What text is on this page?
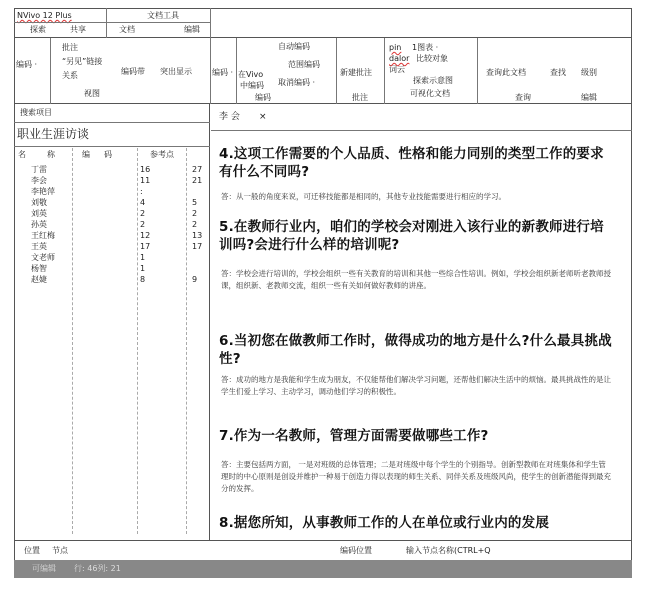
NVivo 12 Plus	文档工具
探索	共享	文档	编辑
编码 ·
批注
“另见”链接
关系
视图
编码带 突出显示	编码 · 在Vivo
中编码
自动编码
范围编码
取消编码 ·
编码
新建批注
批注
pin 1图表 ·
dalor 比较对象
词云
探索示意图
可视化文档
查询此文档
查询
查找 级别
编辑
搜索项目
职业生涯访谈
名	称	编 码	参考点
丁雷	16	27
李会	11	21
李艳萍	:
刘敬	4	5
刘英	2	2
孙英	2	2
王红梅	12	13
王英	17	17
文老师	1
杨智	1
赵婕	8	9
李 会 ×
4.这项工作需要的个人品质、性格和能力同别的类型工作的要求有什么不同吗?
答：从一般的角度来说，可迁移技能都是相同的，其他专业技能需要进行相应的学习。
5.在教师行业内，咱们的学校会对刚进入该行业的新教师进行培训吗?会进行什么样的培训呢?
答：学校会进行培训的，学校会组织一些有关教育的培训和其他一些综合性培训。例如，学校会组织新老师听老教师授课，组织新、老教师交流，组织一些有关如何做好教师的讲座。
6.当初您在做教师工作时，做得成功的地方是什么?什么最具挑战性?
答：成功的地方是我能和学生成为朋友，不仅能帮他们解决学习问题，还帮他们解决生活中的烦恼。最具挑战性的是让学生们爱上学习、主动学习，调动他们学习的积极性。
7.作为一名教师，管理方面需要做哪些工作?
答：主要包括两方面， 一是对班级的总体管理；二是对班级中每个学生的个别指导。创新型教师在对班集体和学生管理时的中心原则是创设并维护一种易于创造力得以表现的师生关系、同伴关系及班级风尚，使学生的创新潜能得到最充分的发挥。
8.据您所知，从事教师工作的人在单位或行业内的发展
位置 节点	编码位置	输入节点名称(CTRL+Q
可编辑 行: 46列: 21
